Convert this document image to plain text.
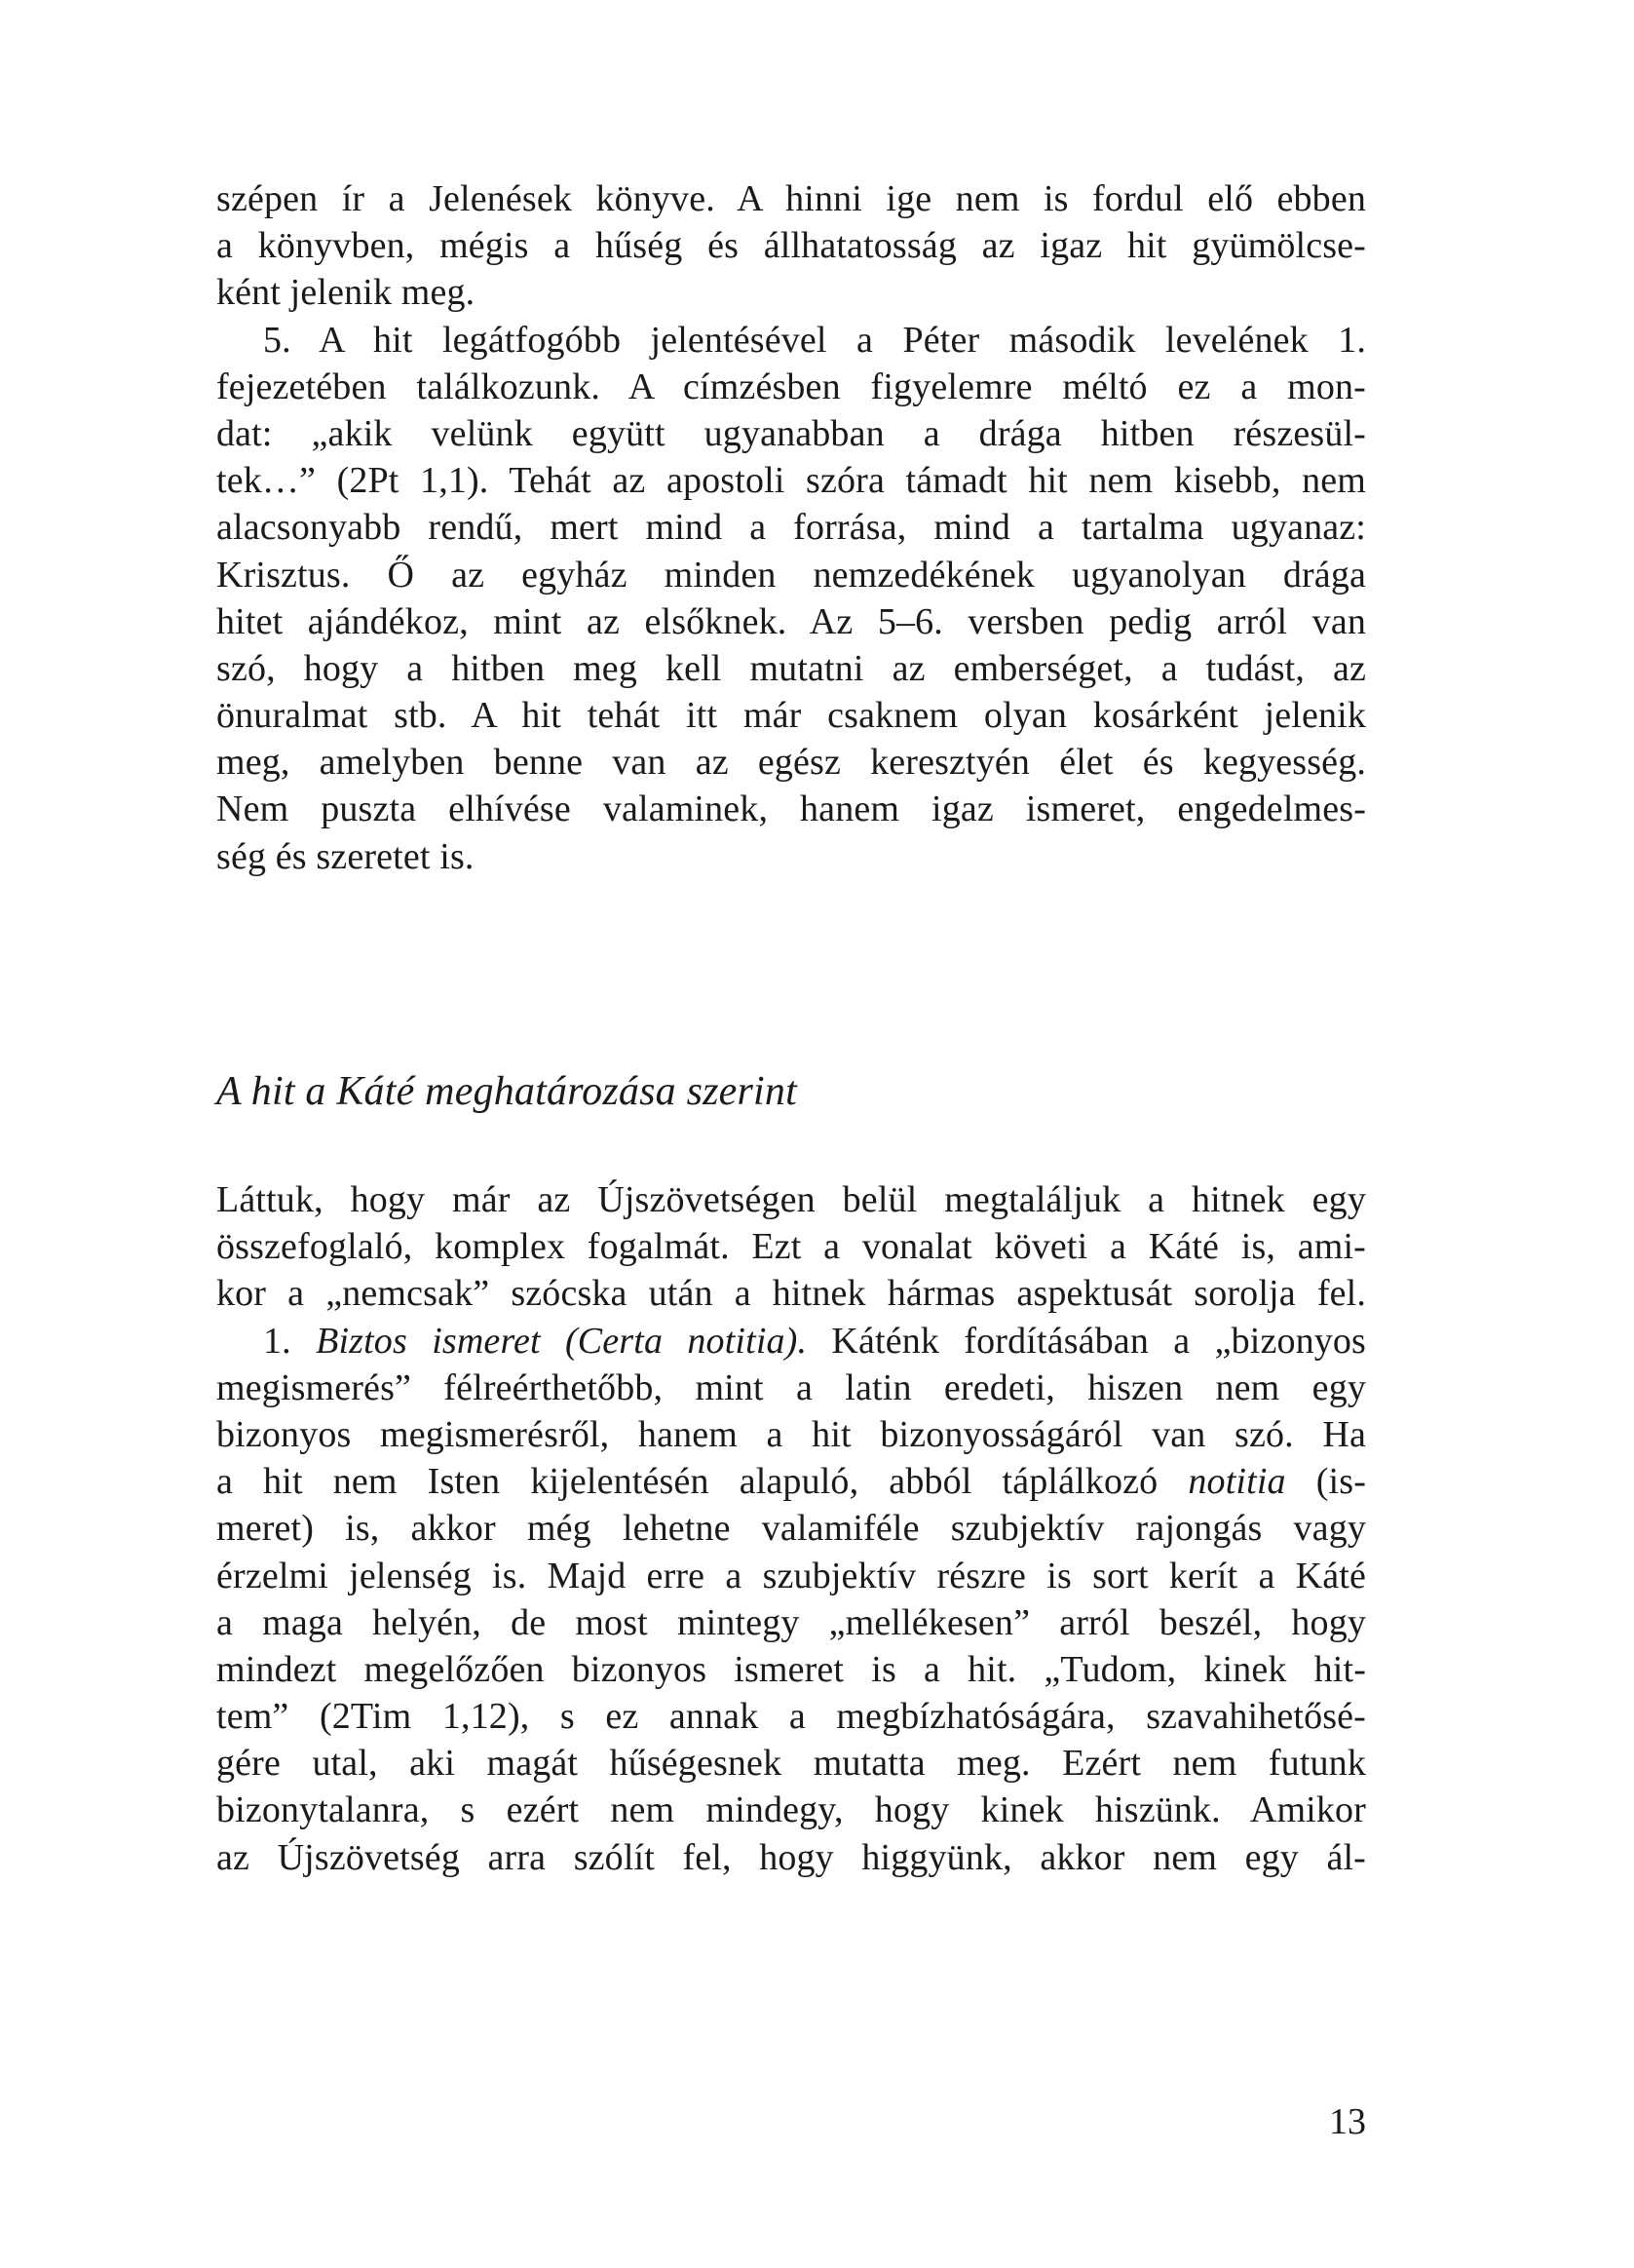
szépen ír a Jelenések könyve. A hinni ige nem is fordul elő ebben
a könyvben, mégis a hűség és állhatatosság az igaz hit gyümölcse-
ként jelenik meg.
5. A hit legátfogóbb jelentésével a Péter második levelének 1.
fejezetében találkozunk. A címzésben figyelemre méltó ez a mon-
dat: „akik velünk együtt ugyanabban a drága hitben részesül-
tek…” (2Pt 1,1). Tehát az apostoli szóra támadt hit nem kisebb, nem
alacsonyabb rendű, mert mind a forrása, mind a tartalma ugyanaz:
Krisztus. Ő az egyház minden nemzedékének ugyanolyan drága
hitet ajándékoz, mint az elsőknek. Az 5–6. versben pedig arról van
szó, hogy a hitben meg kell mutatni az emberséget, a tudást, az
önuralmat stb. A hit tehát itt már csaknem olyan kosárként jelenik
meg, amelyben benne van az egész keresztyén élet és kegyesség.
Nem puszta elhívése valaminek, hanem igaz ismeret, engedelmes-
ség és szeretet is.
A hit a Káté meghatározása szerint
Láttuk, hogy már az Újszövetségen belül megtaláljuk a hitnek egy
összefoglaló, komplex fogalmát. Ezt a vonalat követi a Káté is, ami-
kor a „nemcsak” szócska után a hitnek hármas aspektusát sorolja fel.
1. Biztos ismeret (Certa notitia). Káténk fordításában a „bizonyos
megismerés” félreérthetőbb, mint a latin eredeti, hiszen nem egy
bizonyos megismerésről, hanem a hit bizonyosságáról van szó. Ha
a hit nem Isten kijelentésén alapuló, abból táplálkozó notitia (is-
meret) is, akkor még lehetne valamiféle szubjektív rajongás vagy
érzelmi jelenség is. Majd erre a szubjektív részre is sort kerít a Káté
a maga helyén, de most mintegy „mellékesen” arról beszél, hogy
mindezt megelőzően bizonyos ismeret is a hit. „Tudom, kinek hit-
tem” (2Tim 1,12), s ez annak a megbízhatóságára, szavahihetősé-
gére utal, aki magát hűségesnek mutatta meg. Ezért nem futunk
bizonytalanra, s ezért nem mindegy, hogy kinek hiszünk. Amikor
az Újszövetség arra szólít fel, hogy higgyünk, akkor nem egy ál-
13
